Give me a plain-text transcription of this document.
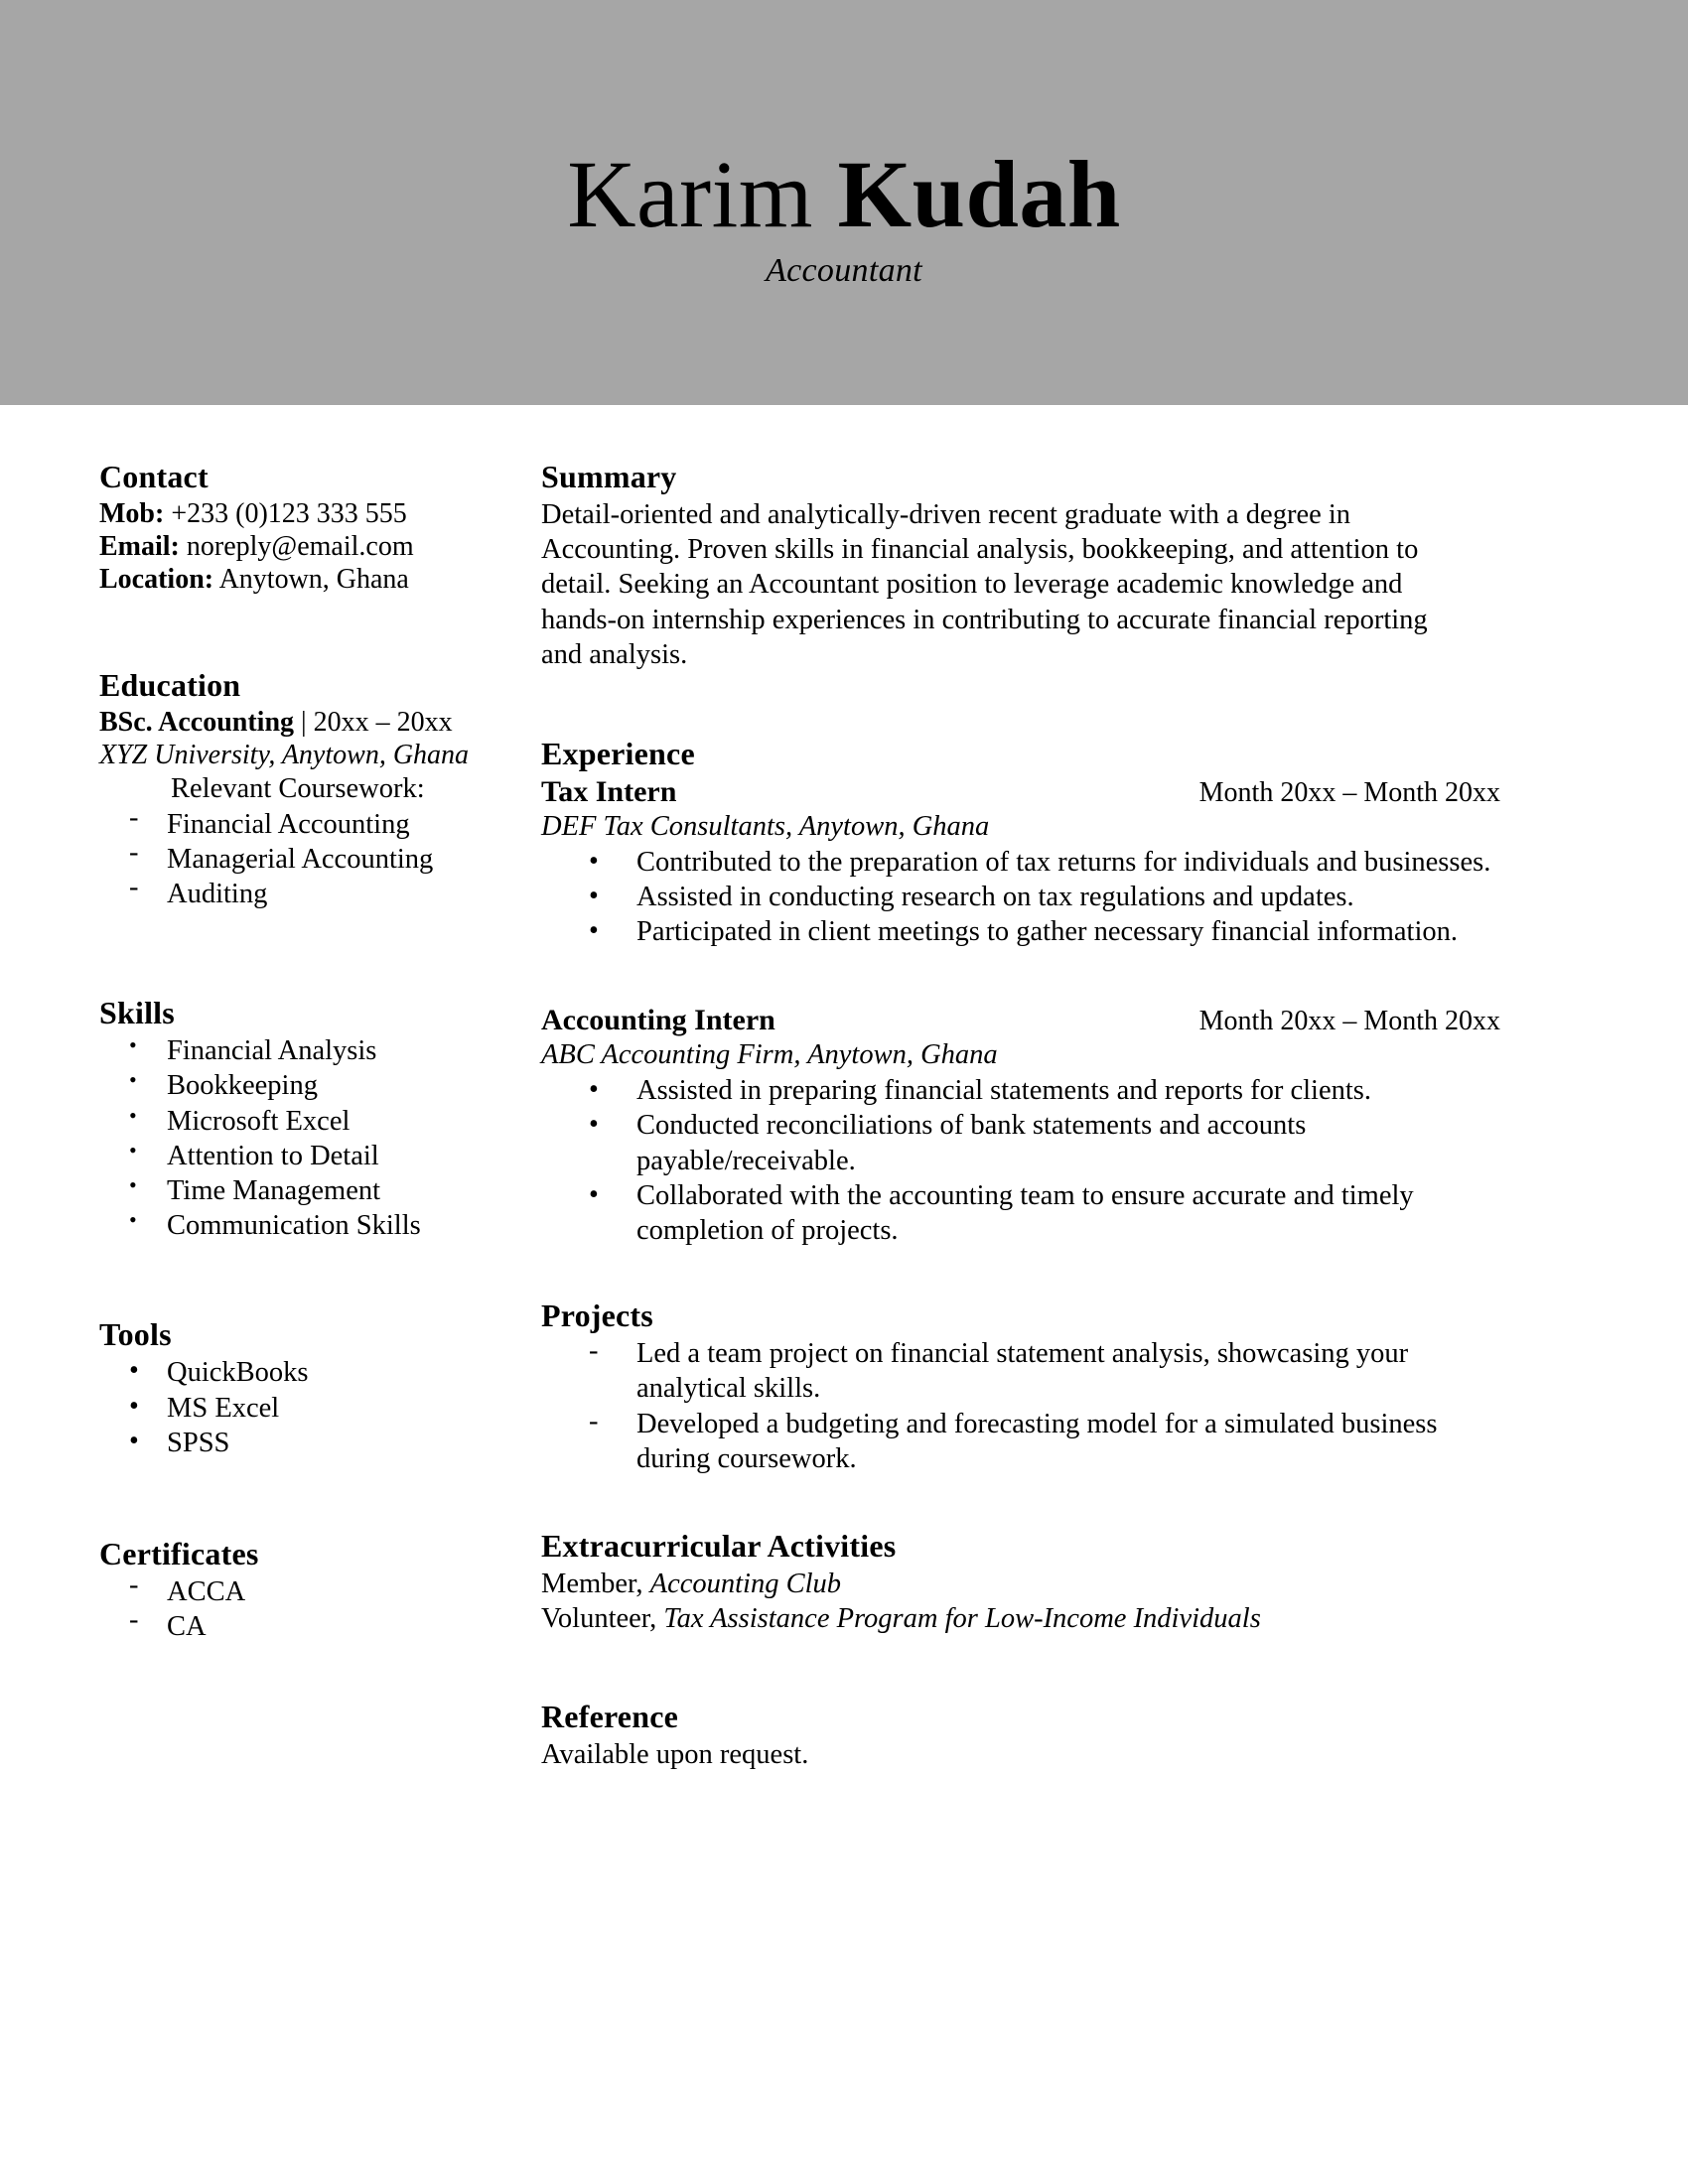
Karim Kudah
Accountant
Contact

Mob: +233 (0)123 333 555

Email: noreply@email.com

Location: Anytown, Ghana

Education

BSc. Accounting | 20xx – 20xx

XYZ University, Anytown, Ghana

Relevant Coursework:

-	Financial Accounting
-	Managerial Accounting
-	Auditing
Skills
•	Financial Analysis
•	Bookkeeping
•	Microsoft Excel
•	Attention to Detail
•	Time Management
•	Communication Skills
Tools
• QuickBooks
• MS Excel
• SPSS
Certificates
-	ACCA
-	CA
Summary

Detail-oriented and analytically-driven recent graduate with a degree in Accounting. Proven skills in financial analysis, bookkeeping, and attention to detail. Seeking an Accountant position to leverage academic knowledge and hands-on internship experiences in contributing to accurate financial reporting and analysis.

Experience
Tax Intern	Month 20xx – Month 20xx

DEF Tax Consultants, Anytown, Ghana

• Contributed to the preparation of tax returns for individuals and businesses.
• Assisted in conducting research on tax regulations and updates.
• Participated in client meetings to gather necessary financial information.
Accounting Intern	Month 20xx – Month 20xx

ABC Accounting Firm, Anytown, Ghana

• Assisted in preparing financial statements and reports for clients.
• Conducted reconciliations of bank statements and accounts payable/receivable.
• Collaborated with the accounting team to ensure accurate and timely completion of projects.
Projects
- Led a team project on financial statement analysis, showcasing your analytical skills.
- Developed a budgeting and forecasting model for a simulated business during coursework.
Extracurricular Activities

Member, Accounting Club

Volunteer, Tax Assistance Program for Low-Income Individuals

Reference

Available upon request.
